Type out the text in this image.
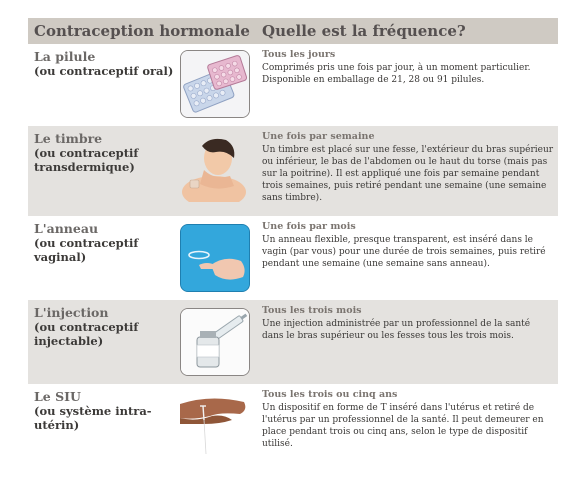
Contraception hormonale Quelle est la fréquence?
La pilule
(ou contraceptif oral)
Tous les jours
Comprimés pris une fois par jour, à un moment particulier. Disponible en emballage de 21, 28 ou 91 pilules.
Le timbre
(ou contraceptif transdermique)
Une fois par semaine
Un timbre est placé sur une fesse, l'extérieur du bras supérieur ou inférieur, le bas de l'abdomen ou le haut du torse (mais pas sur la poitrine). Il est appliqué une fois par semaine pendant trois semaines, puis retiré pendant une semaine (une semaine sans timbre).
L'anneau
(ou contraceptif vaginal)
Une fois par mois
Un anneau flexible, presque transparent, est inséré dans le vagin (par vous) pour une durée de trois semaines, puis retiré pendant une semaine (une semaine sans anneau).
L'injection
(ou contraceptif injectable)
Tous les trois mois
Une injection administrée par un professionnel de la santé dans le bras supérieur ou les fesses tous les trois mois.
Le SIU
(ou système intra-utérin)
Tous les trois ou cinq ans
Un dispositif en forme de T inséré dans l'utérus et retiré de l'utérus par un professionnel de la santé. Il peut demeurer en place pendant trois ou cinq ans, selon le type de dispositif utilisé.
